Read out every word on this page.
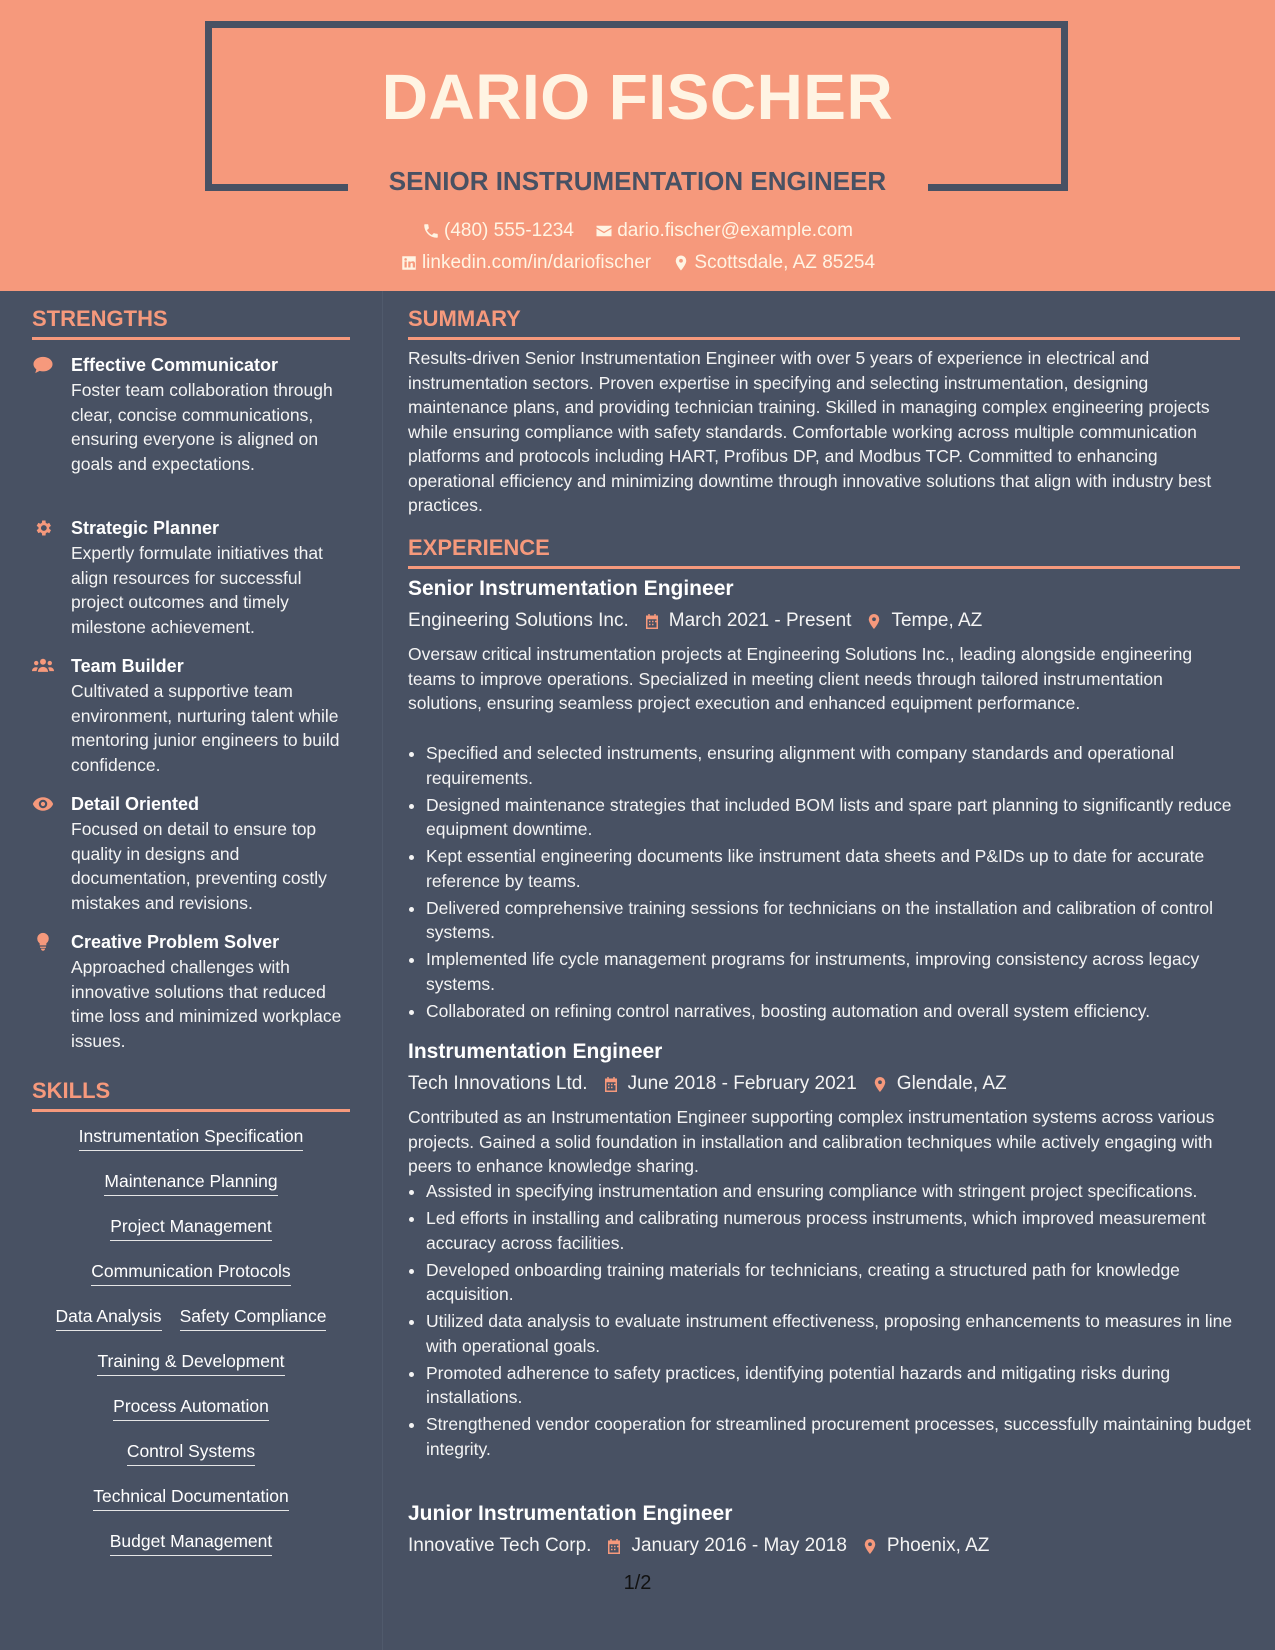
DARIO FISCHER
SENIOR INSTRUMENTATION ENGINEER
(480) 555-1234
dario.fischer@example.com
linkedin.com/in/dariofischer
Scottsdale, AZ 85254
STRENGTHS
Effective Communicator
Foster team collaboration through clear, concise communications, ensuring everyone is aligned on goals and expectations.
Strategic Planner
Expertly formulate initiatives that align resources for successful project outcomes and timely milestone achievement.
Team Builder
Cultivated a supportive team environment, nurturing talent while mentoring junior engineers to build confidence.
Detail Oriented
Focused on detail to ensure top quality in designs and documentation, preventing costly mistakes and revisions.
Creative Problem Solver
Approached challenges with innovative solutions that reduced time loss and minimized workplace issues.
SKILLS
Instrumentation Specification
Maintenance Planning
Project Management
Communication Protocols
Data Analysis Safety Compliance
Training & Development
Process Automation
Control Systems
Technical Documentation
Budget Management
SUMMARY
Results-driven Senior Instrumentation Engineer with over 5 years of experience in electrical and instrumentation sectors. Proven expertise in specifying and selecting instrumentation, designing maintenance plans, and providing technician training. Skilled in managing complex engineering projects while ensuring compliance with safety standards. Comfortable working across multiple communication platforms and protocols including HART, Profibus DP, and Modbus TCP. Committed to enhancing operational efficiency and minimizing downtime through innovative solutions that align with industry best practices.
EXPERIENCE
Senior Instrumentation Engineer
Engineering Solutions Inc. March 2021 - Present Tempe, AZ
Oversaw critical instrumentation projects at Engineering Solutions Inc., leading alongside engineering teams to improve operations. Specialized in meeting client needs through tailored instrumentation solutions, ensuring seamless project execution and enhanced equipment performance.
• Specified and selected instruments, ensuring alignment with company standards and operational requirements.
• Designed maintenance strategies that included BOM lists and spare part planning to significantly reduce equipment downtime.
• Kept essential engineering documents like instrument data sheets and P&IDs up to date for accurate reference by teams.
• Delivered comprehensive training sessions for technicians on the installation and calibration of control systems.
• Implemented life cycle management programs for instruments, improving consistency across legacy systems.
• Collaborated on refining control narratives, boosting automation and overall system efficiency.
Instrumentation Engineer
Tech Innovations Ltd. June 2018 - February 2021 Glendale, AZ
Contributed as an Instrumentation Engineer supporting complex instrumentation systems across various projects. Gained a solid foundation in installation and calibration techniques while actively engaging with peers to enhance knowledge sharing.
• Assisted in specifying instrumentation and ensuring compliance with stringent project specifications.
• Led efforts in installing and calibrating numerous process instruments, which improved measurement accuracy across facilities.
• Developed onboarding training materials for technicians, creating a structured path for knowledge acquisition.
• Utilized data analysis to evaluate instrument effectiveness, proposing enhancements to measures in line with operational goals.
• Promoted adherence to safety practices, identifying potential hazards and mitigating risks during installations.
• Strengthened vendor cooperation for streamlined procurement processes, successfully maintaining budget integrity.
Junior Instrumentation Engineer
Innovative Tech Corp. January 2016 - May 2018 Phoenix, AZ
1/2
